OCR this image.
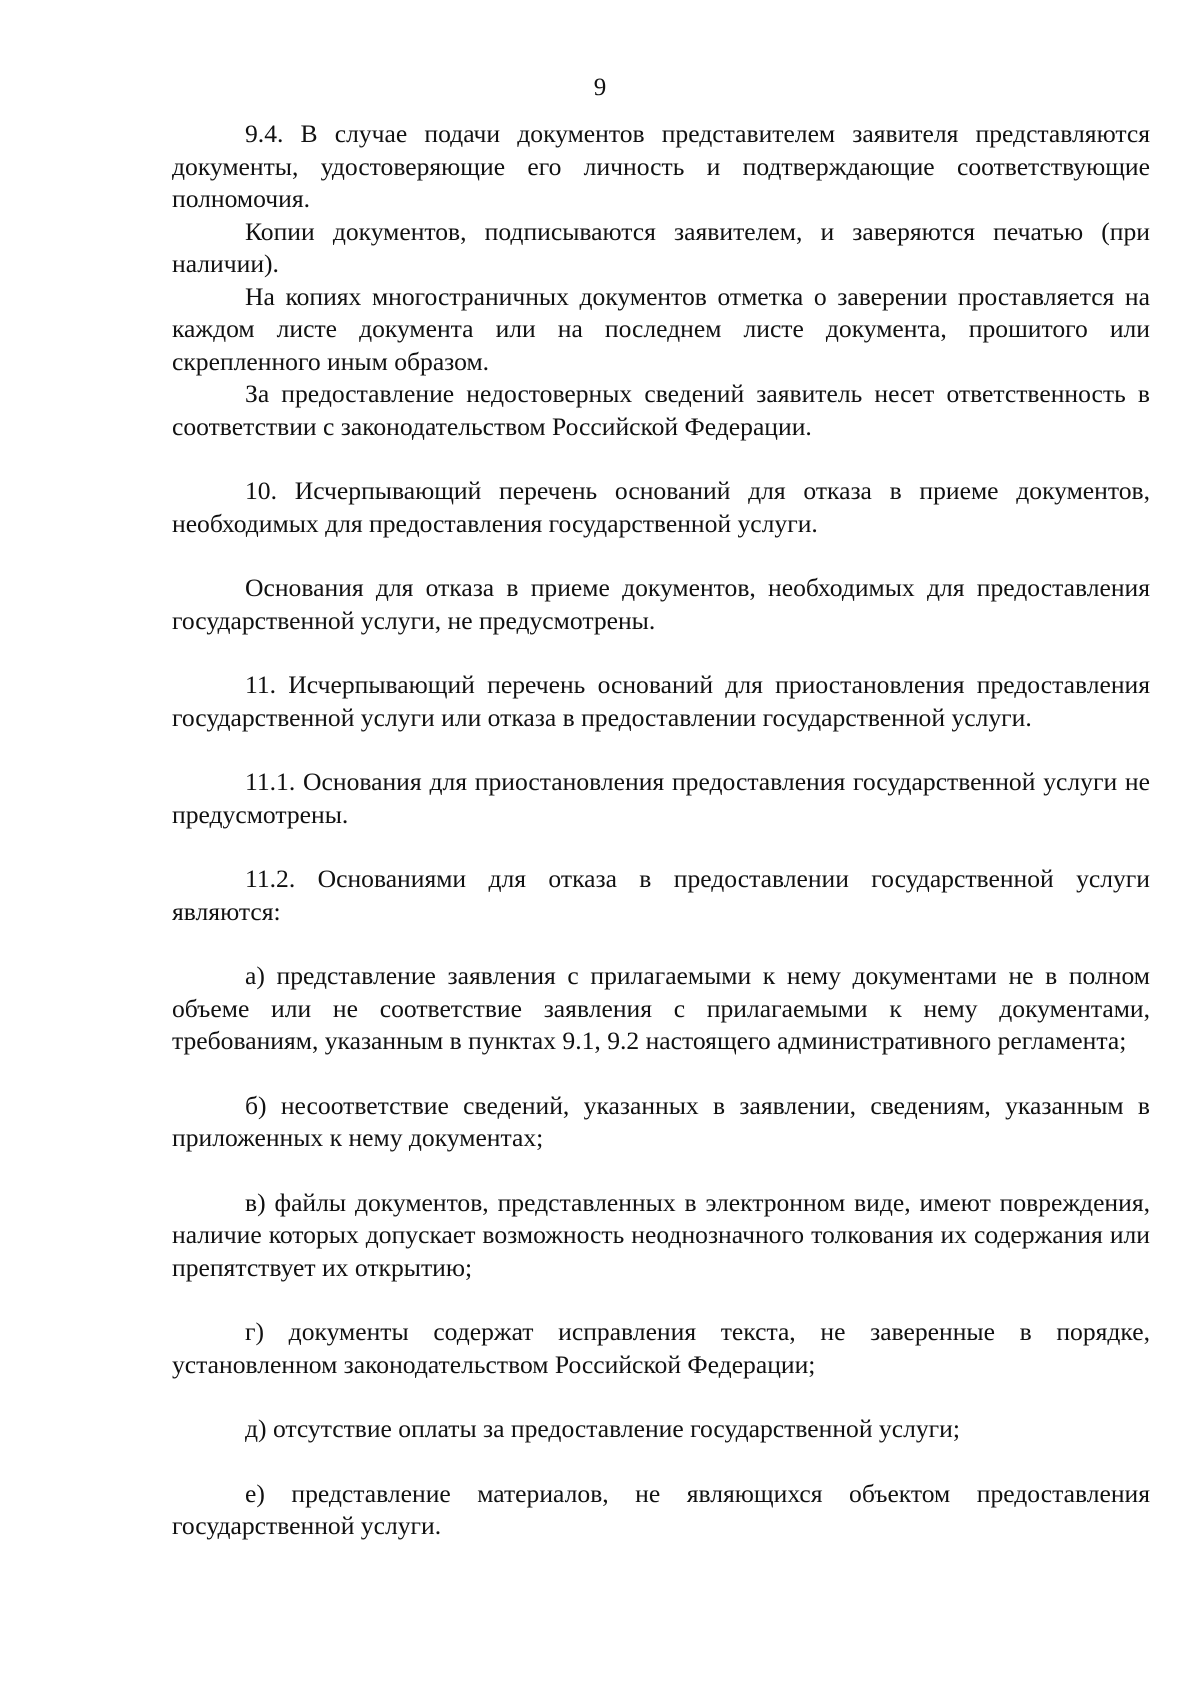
9

9.4. В случае подачи документов представителем заявителя представляются документы, удостоверяющие его личность и подтверждающие соответствующие полномочия.

Копии документов, подписываются заявителем, и заверяются печатью (при наличии).

На копиях многостраничных документов отметка о заверении проставляется на каждом листе документа или на последнем листе документа, прошитого или скрепленного иным образом.

За предоставление недостоверных сведений заявитель несет ответственность в соответствии с законодательством Российской Федерации.

10. Исчерпывающий перечень оснований для отказа в приеме документов, необходимых для предоставления государственной услуги.

Основания для отказа в приеме документов, необходимых для предоставления государственной услуги, не предусмотрены.

11. Исчерпывающий перечень оснований для приостановления предоставления государственной услуги или отказа в предоставлении государственной услуги.

11.1. Основания для приостановления предоставления государственной услуги не предусмотрены.

11.2. Основаниями для отказа в предоставлении государственной услуги являются:

а) представление заявления с прилагаемыми к нему документами не в полном объеме или не соответствие заявления с прилагаемыми к нему документами, требованиям, указанным в пунктах 9.1, 9.2 настоящего административного регламента;

б) несоответствие сведений, указанных в заявлении, сведениям, указанным в приложенных к нему документах;

в) файлы документов, представленных в электронном виде, имеют повреждения, наличие которых допускает возможность неоднозначного толкования их содержания или препятствует их открытию;

г) документы содержат исправления текста, не заверенные в порядке, установленном законодательством Российской Федерации;

д) отсутствие оплаты за предоставление государственной услуги;

е) представление материалов, не являющихся объектом предоставления государственной услуги.
